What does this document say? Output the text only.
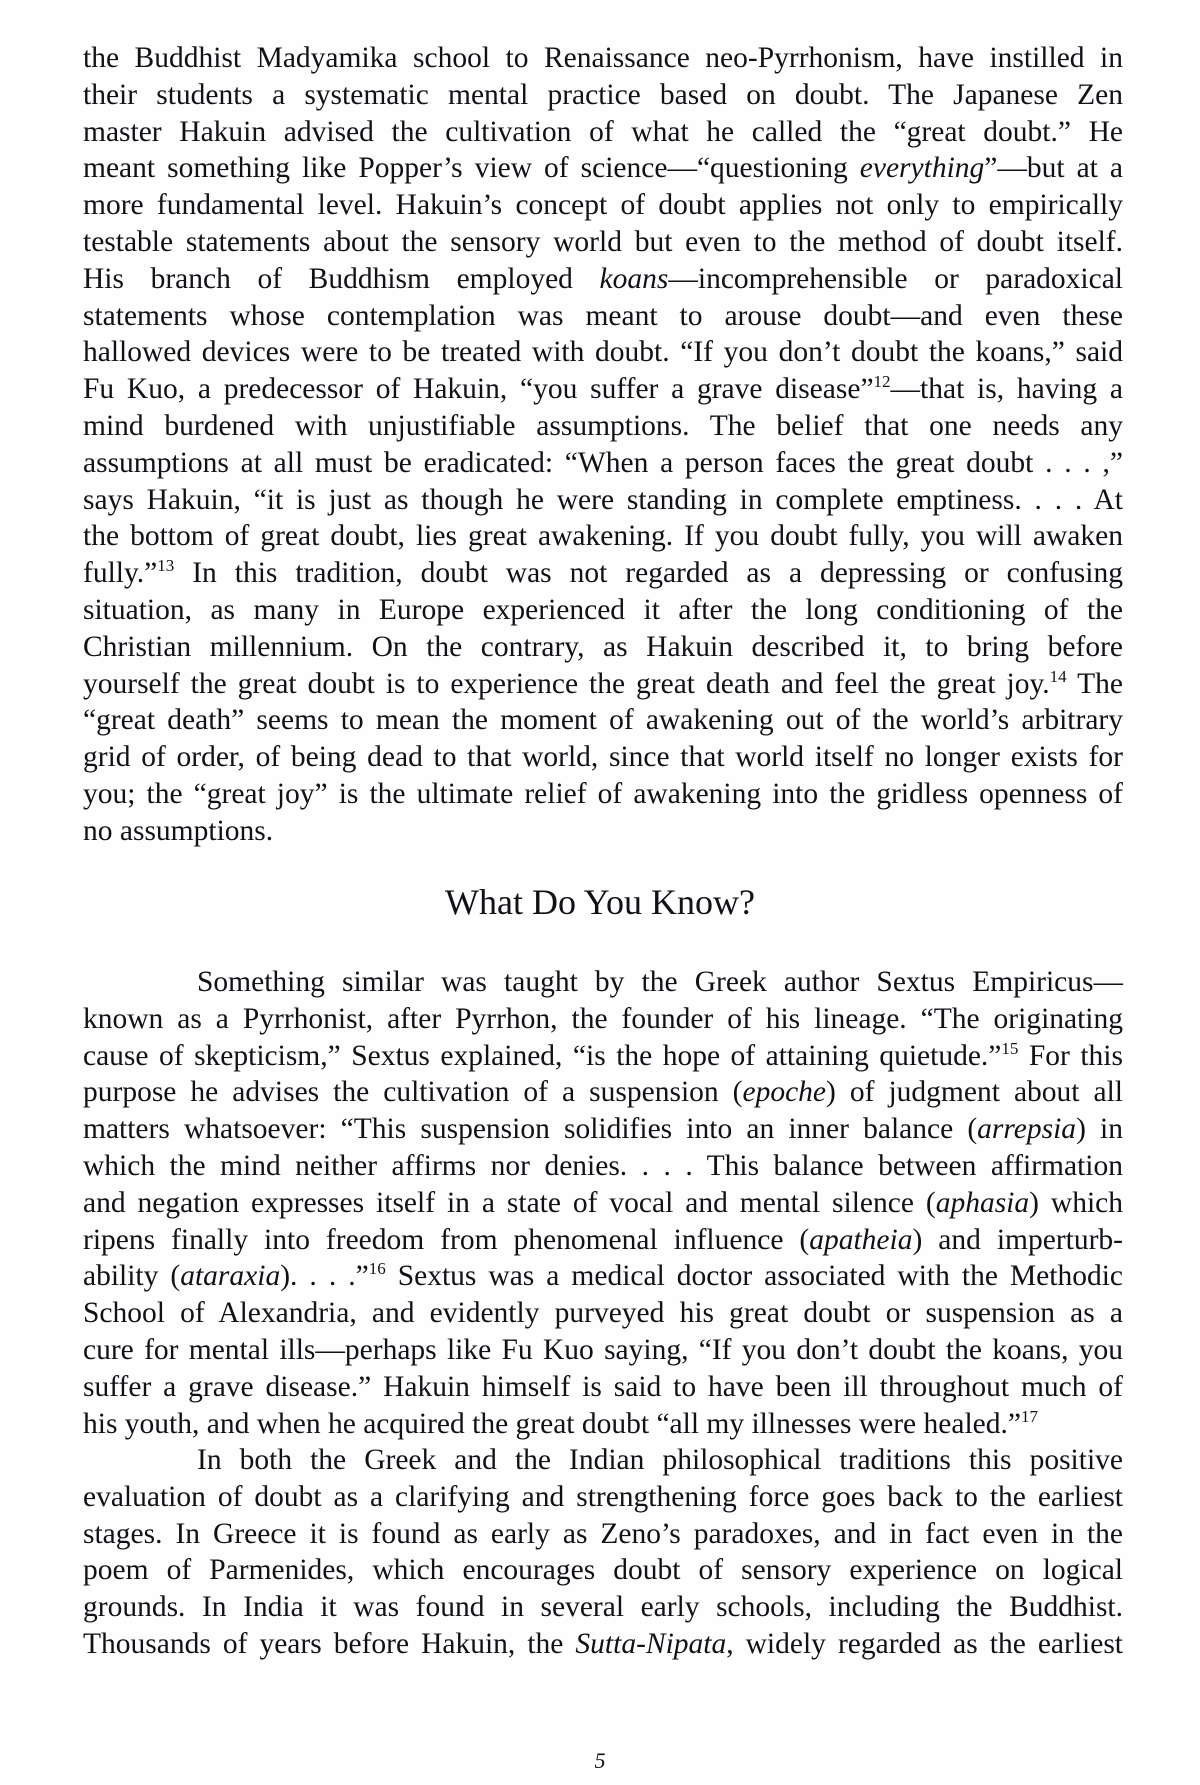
the Buddhist Madyamika school to Renaissance neo-Pyrrhonism, have instilled in
their students a systematic mental practice based on doubt. The Japanese Zen
master Hakuin advised the cultivation of what he called the “great doubt.” He
meant something like Popper’s view of science—“questioning everything”—but at a
more fundamental level. Hakuin’s concept of doubt applies not only to empirically
testable statements about the sensory world but even to the method of doubt itself.
His branch of Buddhism employed koans—incomprehensible or paradoxical
statements whose contemplation was meant to arouse doubt—and even these
hallowed devices were to be treated with doubt. “If you don’t doubt the koans,” said
Fu Kuo, a predecessor of Hakuin, “you suffer a grave disease”$^{12}$—that is, having a
mind burdened with unjustifiable assumptions. The belief that one needs any
assumptions at all must be eradicated: “When a person faces the great doubt . . . ,”
says Hakuin, “it is just as though he were standing in complete emptiness. . . . At
the bottom of great doubt, lies great awakening. If you doubt fully, you will awaken
fully.”$^{13}$ In this tradition, doubt was not regarded as a depressing or confusing
situation, as many in Europe experienced it after the long conditioning of the
Christian millennium. On the contrary, as Hakuin described it, to bring before
yourself the great doubt is to experience the great death and feel the great joy.$^{14}$ The
“great death” seems to mean the moment of awakening out of the world’s arbitrary
grid of order, of being dead to that world, since that world itself no longer exists for
you; the “great joy” is the ultimate relief of awakening into the gridless openness of
no assumptions.
Something similar was taught by the Greek author Sextus Empiricus—
known as a Pyrrhonist, after Pyrrhon, the founder of his lineage. “The originating
cause of skepticism,” Sextus explained, “is the hope of attaining quietude.”$^{15}$ For this
purpose he advises the cultivation of a suspension (epoche) of judgment about all
matters whatsoever: “This suspension solidifies into an inner balance (arrepsia) in
which the mind neither affirms nor denies. . . . This balance between affirmation
and negation expresses itself in a state of vocal and mental silence (aphasia) which
ripens finally into freedom from phenomenal influence (apatheia) and imperturb-
ability (ataraxia). . . .”$^{16}$ Sextus was a medical doctor associated with the Methodic
School of Alexandria, and evidently purveyed his great doubt or suspension as a
cure for mental ills—perhaps like Fu Kuo saying, “If you don’t doubt the koans, you
suffer a grave disease.” Hakuin himself is said to have been ill throughout much of
his youth, and when he acquired the great doubt “all my illnesses were healed.”$^{17}$
In both the Greek and the Indian philosophical traditions this positive
evaluation of doubt as a clarifying and strengthening force goes back to the earliest
stages. In Greece it is found as early as Zeno’s paradoxes, and in fact even in the
poem of Parmenides, which encourages doubt of sensory experience on logical
grounds. In India it was found in several early schools, including the Buddhist.
Thousands of years before Hakuin, the Sutta-Nipata, widely regarded as the earliest
What Do You Know?
5
